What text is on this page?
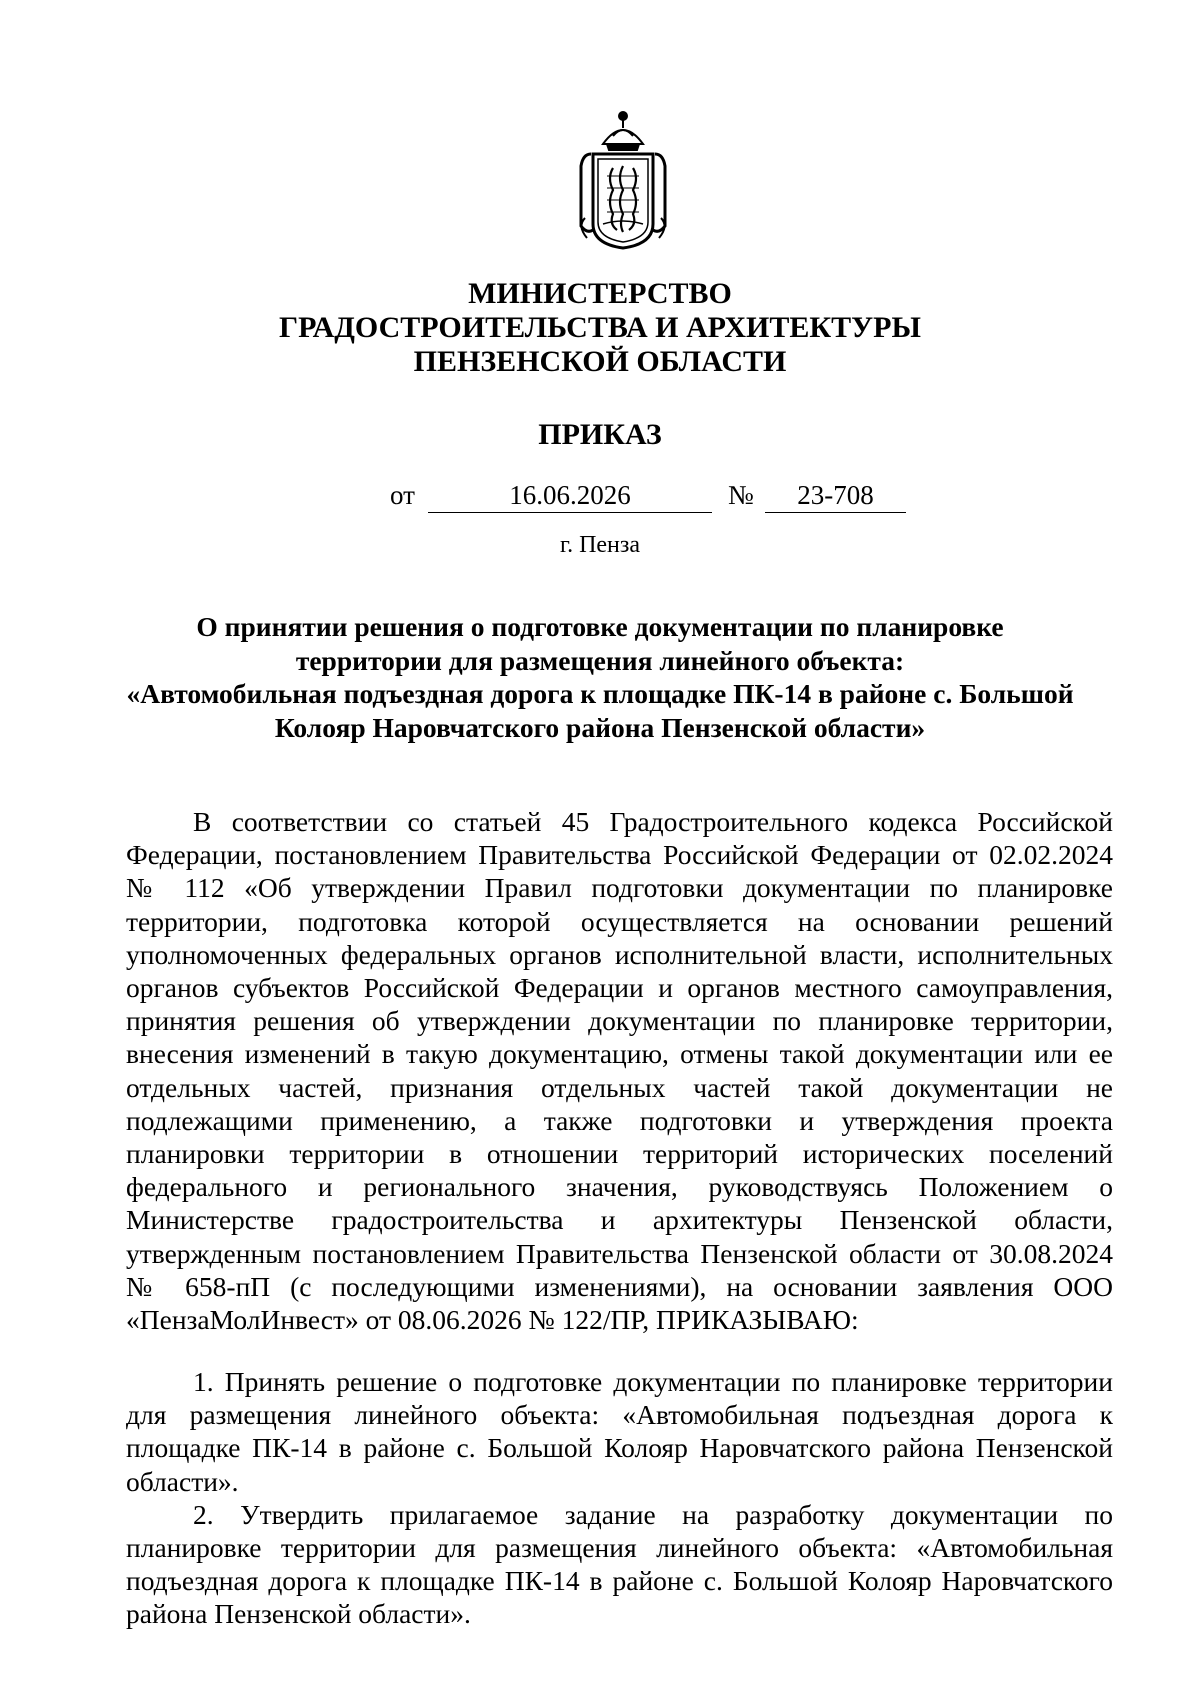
МИНИСТЕРСТВО
ГРАДОСТРОИТЕЛЬСТВА И АРХИТЕКТУРЫ
ПЕНЗЕНСКОЙ ОБЛАСТИ
ПРИКАЗ
от	16.06.2026	№	23-708
г. Пенза
О принятии решения о подготовке документации по планировке
территории для размещения линейного объекта:
«Автомобильная подъездная дорога к площадке ПК-14 в районе с. Большой
Колояр Наровчатского района Пензенской области»

В соответствии со статьей 45 Градостроительного кодекса Российской Федерации, постановлением Правительства Российской Федерации от 02.02.2024 № 112 «Об утверждении Правил подготовки документации по планировке территории, подготовка которой осуществляется на основании решений уполномоченных федеральных органов исполнительной власти, исполнительных органов субъектов Российской Федерации и органов местного самоуправления, принятия решения об утверждении документации по планировке территории, внесения изменений в такую документацию, отмены такой документации или ее отдельных частей, признания отдельных частей такой документации не подлежащими применению, а также подготовки и утверждения проекта планировки территории в отношении территорий исторических поселений федерального и регионального значения, руководствуясь Положением о Министерстве градостроительства и архитектуры Пензенской области, утвержденным постановлением Правительства Пензенской области от 30.08.2024 № 658-пП (с последующими изменениями), на основании заявления ООО «ПензаМолИнвест» от 08.06.2026 № 122/ПР, ПРИКАЗЫВАЮ:

1. Принять решение о подготовке документации по планировке территории для размещения линейного объекта: «Автомобильная подъездная дорога к площадке ПК-14 в районе с. Большой Колояр Наровчатского района Пензенской области».

2. Утвердить прилагаемое задание на разработку документации по планировке территории для размещения линейного объекта: «Автомобильная подъездная дорога к площадке ПК-14 в районе с. Большой Колояр Наровчатского района Пензенской области».
